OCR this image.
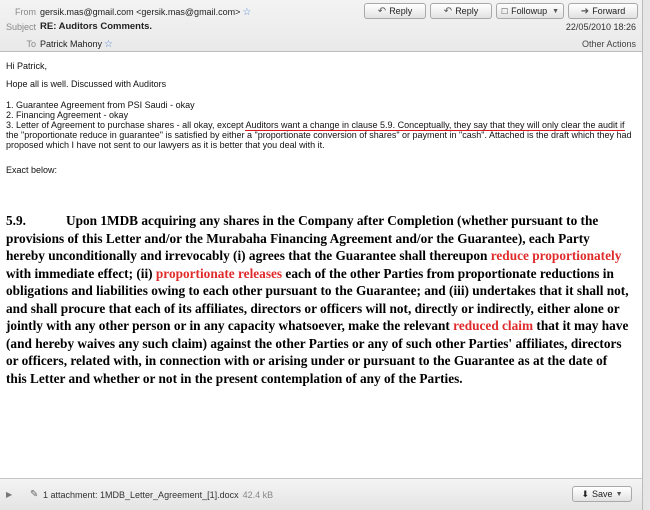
From gersik.mas@gmail.com <gersik.mas@gmail.com> ☆
Subject RE: Auditors Comments.
To Patrick Mahony ☆
↶ Reply	↶ Reply	☐ Followup ▼ ➜ Forward
22/05/2010 18:26
Other Actions
Hi Patrick,
Hope all is well. Discussed with Auditors
1. Guarantee Agreement from PSI Saudi - okay
2. Financing Agreement - okay
3. Letter of Agreement to purchase shares - all okay, except Auditors want a change in clause 5.9. Conceptually, they say that they will only clear the audit if
the "proportionate reduce in guarantee" is satisfied by either a "proportionate conversion of shares" or payment in "cash". Attached is the draft which they had
proposed which I have not sent to our lawyers as it is better that you deal with it.
Exact below:
5.9.	Upon 1MDB acquiring any shares in the Company after Completion (whether pursuant to the
provisions of this Letter and/or the Murabaha Financing Agreement and/or the Guarantee), each Party
hereby unconditionally and irrevocably (i) agrees that the Guarantee shall thereupon reduce proportionately
with immediate effect; (ii) proportionate releases each of the other Parties from proportionate reductions in
obligations and liabilities owing to each other pursuant to the Guarantee; and (iii) undertakes that it shall not,
and shall procure that each of its affiliates, directors or officers will not, directly or indirectly, either alone or
jointly with any other person or in any capacity whatsoever, make the relevant reduced claim that it may have
(and hereby waives any such claim) against the other Parties or any of such other Parties' affiliates, directors
or officers, related with, in connection with or arising under or pursuant to the Guarantee as at the date of
this Letter and whether or not in the present contemplation of any of the Parties.
▶ ✎ 1 attachment: 1MDB_Letter_Agreement_[1].docx 42.4 kB	⬇ Save ▼
